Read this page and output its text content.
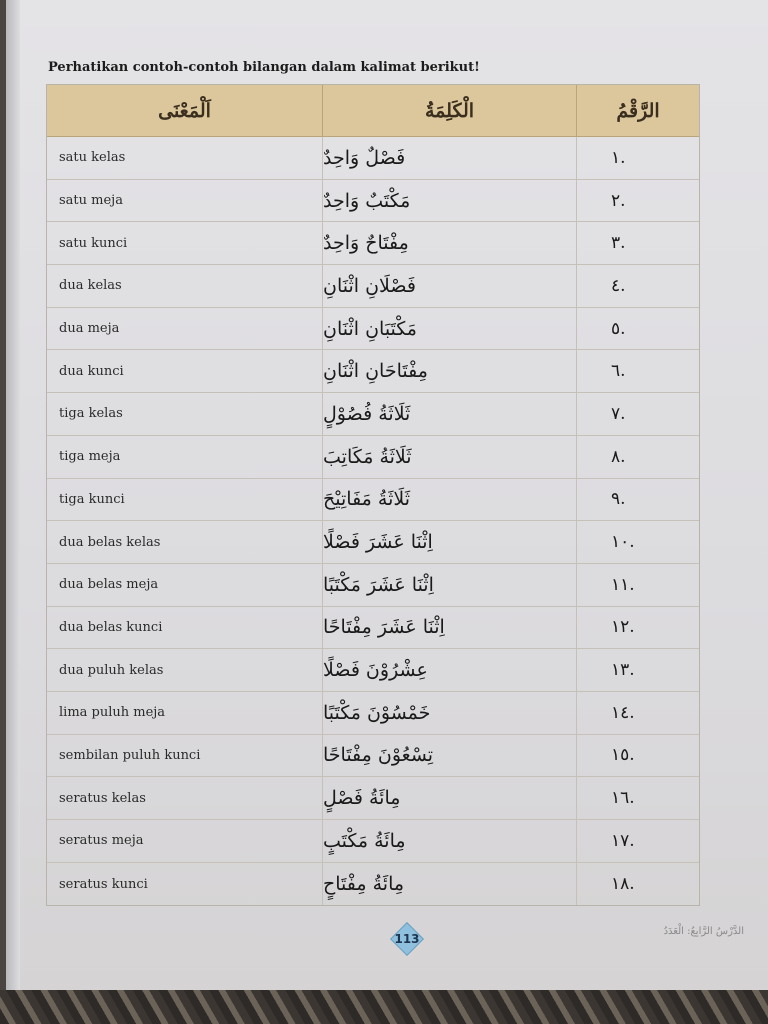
Perhatikan contoh-contoh bilangan dalam kalimat berikut!
اَلْمَعْنَى	الْكَلِمَةُ	الرَّقْمُ
satu kelas	فَصْلٌ وَاحِدٌ	١.
satu meja	مَكْتَبٌ وَاحِدٌ	٢.
satu kunci	مِفْتَاحٌ وَاحِدٌ	٣.
dua kelas	فَصْلَانِ اثْنَانِ	٤.
dua meja	مَكْتَبَانِ اثْنَانِ	٥.
dua kunci	مِفْتَاحَانِ اثْنَانِ	٦.
tiga kelas	ثَلَاثَةُ فُصُوْلٍ	٧.
tiga meja	ثَلَاثَةُ مَكَاتِبَ	٨.
tiga kunci	ثَلَاثَةُ مَفَاتِيْحَ	٩.
dua belas kelas	اِثْنَا عَشَرَ فَصْلًا	١٠.
dua belas meja	اِثْنَا عَشَرَ مَكْتَبًا	١١.
dua belas kunci	اِثْنَا عَشَرَ مِفْتَاحًا	١٢.
dua puluh kelas	عِشْرُوْنَ فَصْلًا	١٣.
lima puluh meja	خَمْسُوْنَ مَكْتَبًا	١٤.
sembilan puluh kunci	تِسْعُوْنَ مِفْتَاحًا	١٥.
seratus kelas	مِائَةُ فَصْلٍ	١٦.
seratus meja	مِائَةُ مَكْتَبٍ	١٧.
seratus kunci	مِائَةُ مِفْتَاحٍ	١٨.
113
الدَّرْسُ الرَّابِعُ: الْعَدَدُ
